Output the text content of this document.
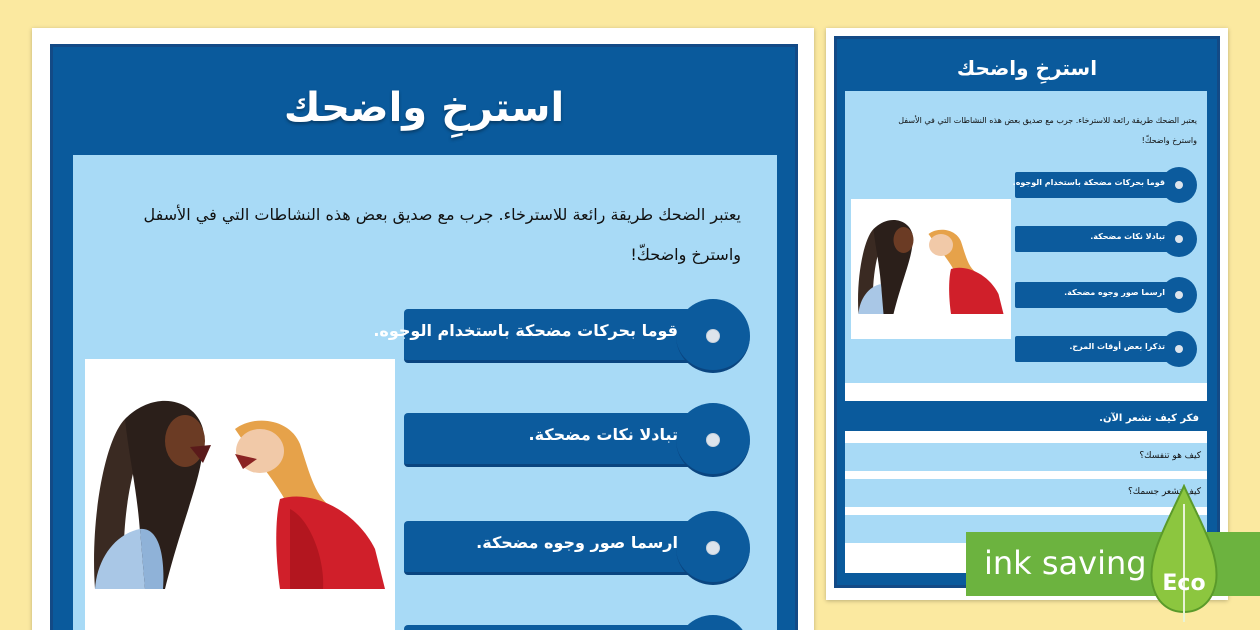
استرخِ واضحك
يعتبر الضحك طريقة رائعة للاسترخاء. جرب مع صديق بعض هذه النشاطات التي في الأسفل
واسترخ واضحكّ!
قوما بحركات مضحكة باستخدام الوجوه.
تبادلا نكات مضحكة.
ارسما صور وجوه مضحكة.
استرخِ واضحك
يعتبر الضحك طريقة رائعة للاسترخاء. جرب مع صديق بعض هذه النشاطات التي في الأسفل
واسترخ واضحكّ!
قوما بحركات مضحكة باستخدام الوجوه.
تبادلا نكات مضحكة.
ارسما صور وجوه مضحكة.
تذكرا بعض أوقات المرح.
فكر كيف تشعر الآن.
كيف هو تنفسك؟
كيف تشعر جسمك؟
ink saving
Eco
